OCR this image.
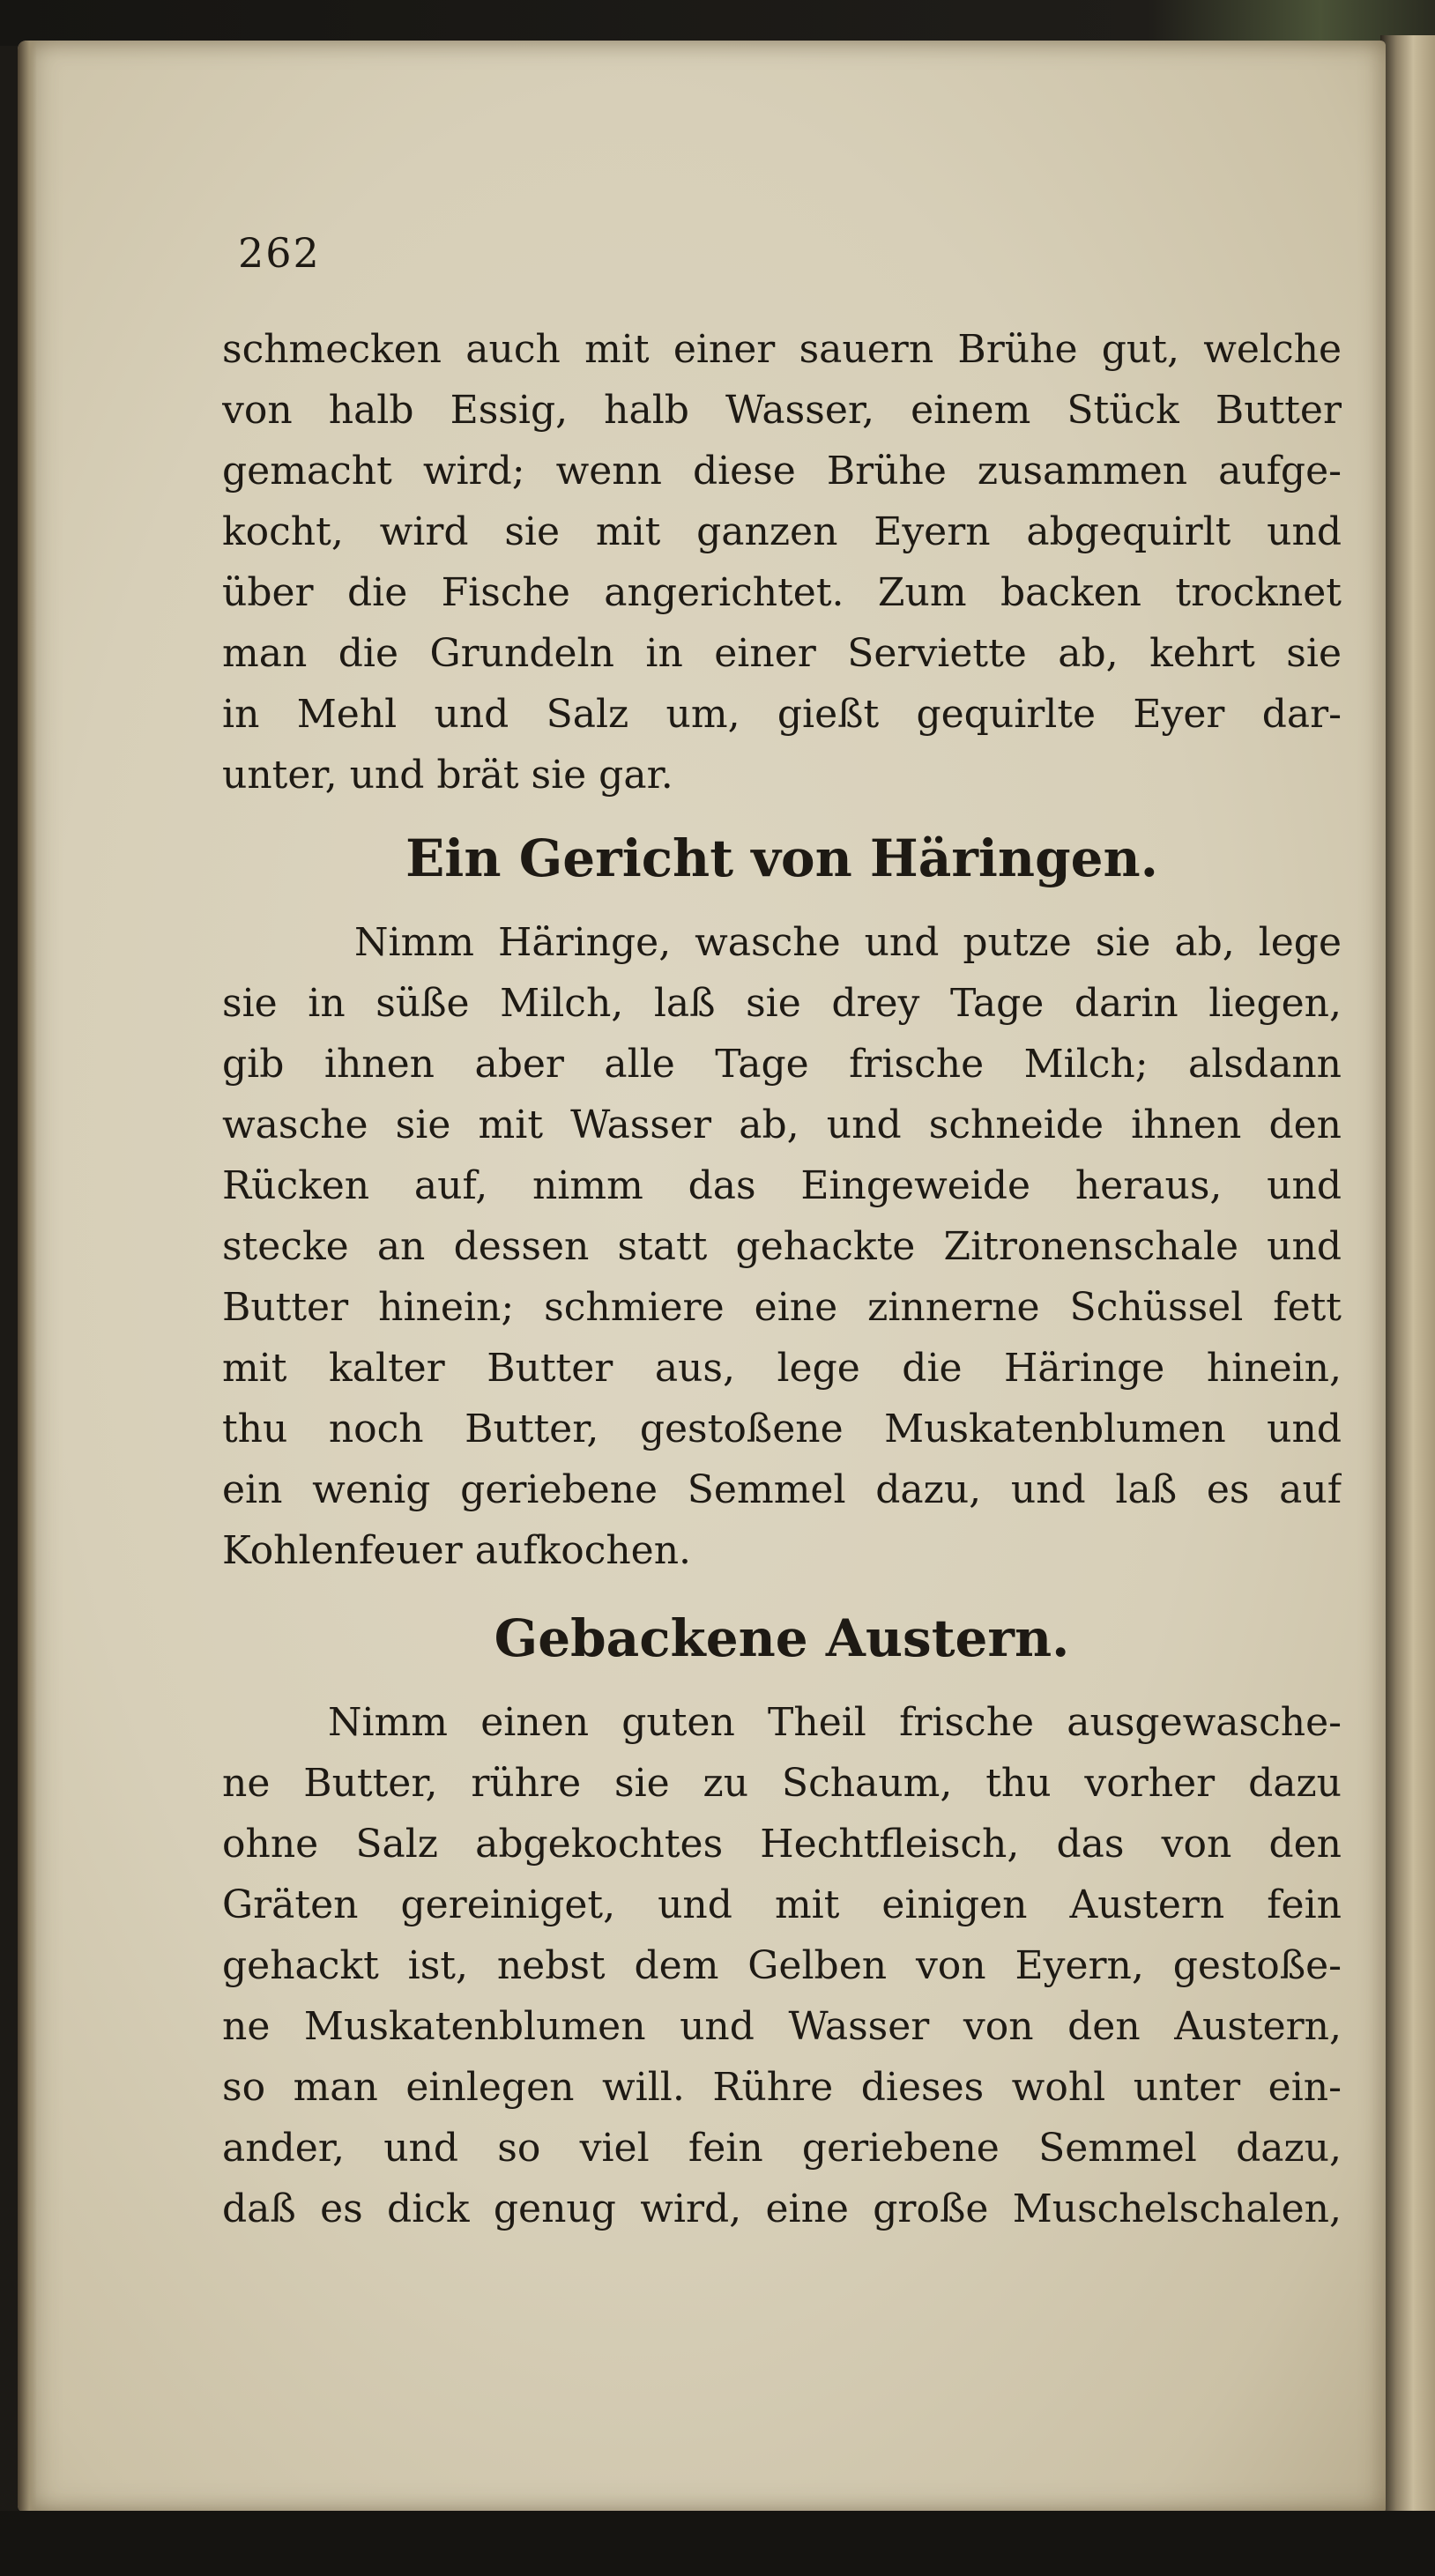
262
schmecken auch mit einer sauern Brühe gut, welche
von halb Essig, halb Wasser, einem Stück Butter
gemacht wird; wenn diese Brühe zusammen aufge-
kocht, wird sie mit ganzen Eyern abgequirlt und
über die Fische angerichtet. Zum backen trocknet
man die Grundeln in einer Serviette ab, kehrt sie
in Mehl und Salz um, gießt gequirlte Eyer dar-
unter, und brät sie gar.
Ein Gericht von Häringen.
Nimm Häringe, wasche und putze sie ab, lege
sie in süße Milch, laß sie drey Tage darin liegen,
gib ihnen aber alle Tage frische Milch; alsdann
wasche sie mit Wasser ab, und schneide ihnen den
Rücken auf, nimm das Eingeweide heraus, und
stecke an dessen statt gehackte Zitronenschale und
Butter hinein; schmiere eine zinnerne Schüssel fett
mit kalter Butter aus, lege die Häringe hinein,
thu noch Butter, gestoßene Muskatenblumen und
ein wenig geriebene Semmel dazu, und laß es auf
Kohlenfeuer aufkochen.
Gebackene Austern.
Nimm einen guten Theil frische ausgewasche-
ne Butter, rühre sie zu Schaum, thu vorher dazu
ohne Salz abgekochtes Hechtfleisch, das von den
Gräten gereiniget, und mit einigen Austern fein
gehackt ist, nebst dem Gelben von Eyern, gestoße-
ne Muskatenblumen und Wasser von den Austern,
so man einlegen will. Rühre dieses wohl unter ein-
ander, und so viel fein geriebene Semmel dazu,
daß es dick genug wird, eine große Muschelschalen,
